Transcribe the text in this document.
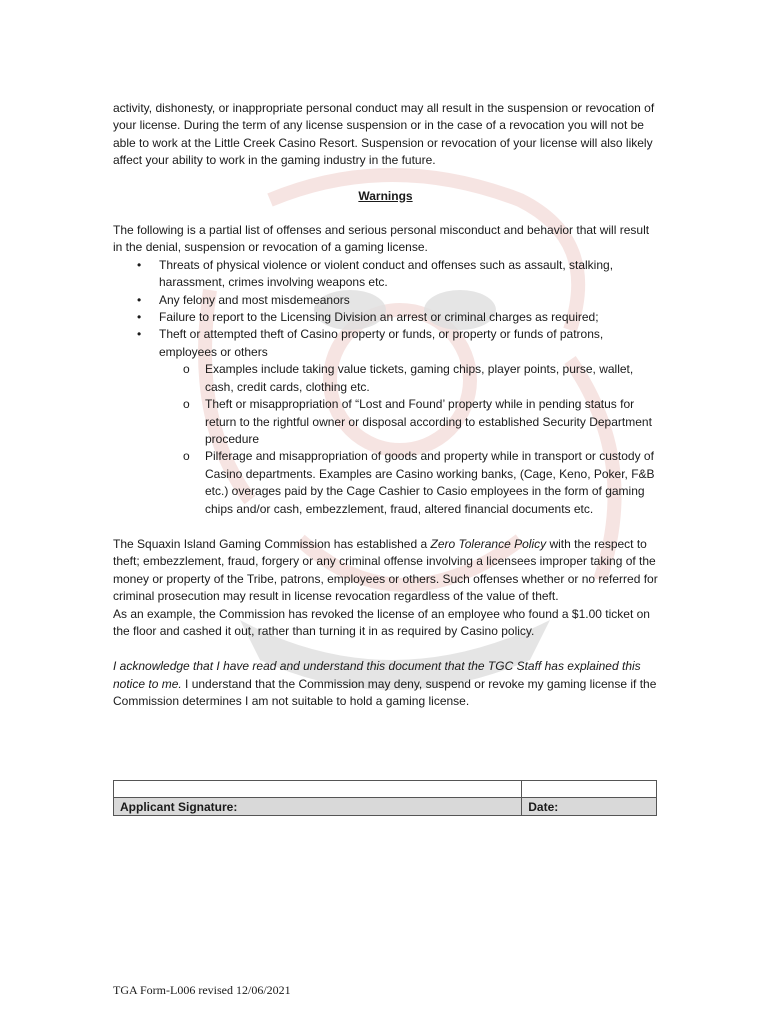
activity, dishonesty, or inappropriate personal conduct may all result in the suspension or revocation of your license. During the term of any license suspension or in the case of a revocation you will not be able to work at the Little Creek Casino Resort. Suspension or revocation of your license will also likely affect your ability to work in the gaming industry in the future.

Warnings

The following is a partial list of offenses and serious personal misconduct and behavior that will result in the denial, suspension or revocation of a gaming license.

• Threats of physical violence or violent conduct and offenses such as assault, stalking, harassment, crimes involving weapons etc.
• Any felony and most misdemeanors
• Failure to report to the Licensing Division an arrest or criminal charges as required;
• Theft or attempted theft of Casino property or funds, or property or funds of patrons, employees or others
o Examples include taking value tickets, gaming chips, player points, purse, wallet, cash, credit cards, clothing etc.
o Theft or misappropriation of “Lost and Found’ property while in pending status for return to the rightful owner or disposal according to established Security Department procedure
o Pilferage and misappropriation of goods and property while in transport or custody of Casino departments. Examples are Casino working banks, (Cage, Keno, Poker, F&B etc.) overages paid by the Cage Cashier to Casio employees in the form of gaming chips and/or cash, embezzlement, fraud, altered financial documents etc.

The Squaxin Island Gaming Commission has established a Zero Tolerance Policy with the respect to theft; embezzlement, fraud, forgery or any criminal offense involving a licensees improper taking of the money or property of the Tribe, patrons, employees or others. Such offenses whether or no referred for criminal prosecution may result in license revocation regardless of the value of theft.

As an example, the Commission has revoked the license of an employee who found a $1.00 ticket on the floor and cashed it out, rather than turning it in as required by Casino policy.

I acknowledge that I have read and understand this document that the TGC Staff has explained this notice to me. I understand that the Commission may deny, suspend or revoke my gaming license if the Commission determines I am not suitable to hold a gaming license.

Applicant Signature:	Date:
TGA Form-L006 revised 12/06/2021
